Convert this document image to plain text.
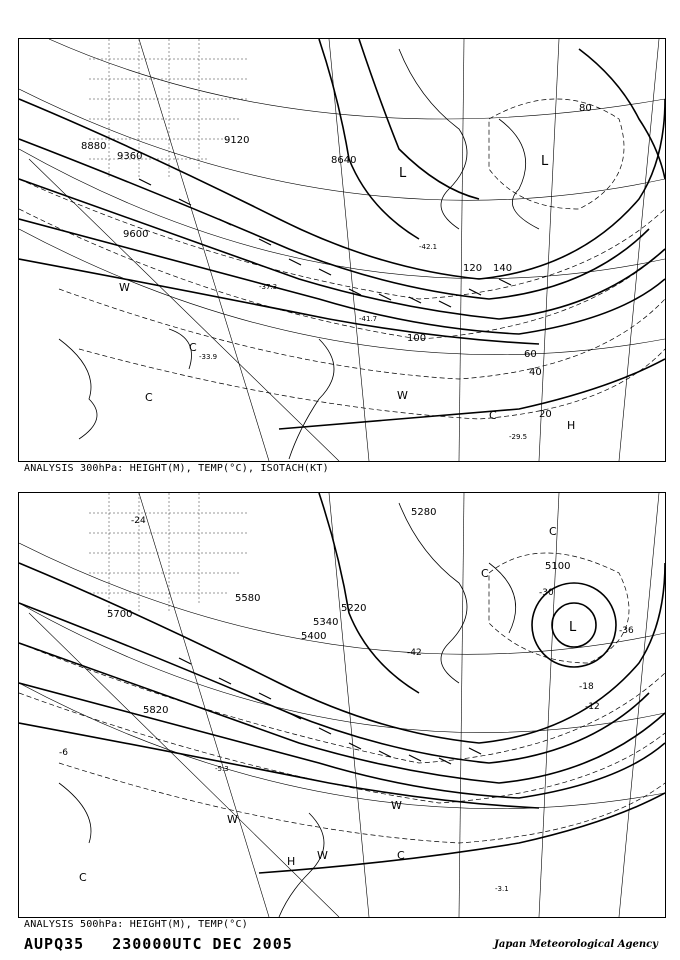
8880
9120
8640
9600
9360
20
40
60
80
100
120 140
-29.5
-37.3
-42.1
-33.9
-41.7
L
L
H
W
W
C
C
C
ANALYSIS 300hPa: HEIGHT(M), TEMP(°C), ISOTACH(KT)
5280
5100
5580
5700
5820
5340
5220
5400
-24
-30
-36
-42
-18
-12
-6
-3.1
-5.3
L
H
C
C
C
W
W
W	C
ANALYSIS 500hPa: HEIGHT(M), TEMP(°C)
AUPQ35 230000UTC DEC 2005	Japan Meteorological Agency
